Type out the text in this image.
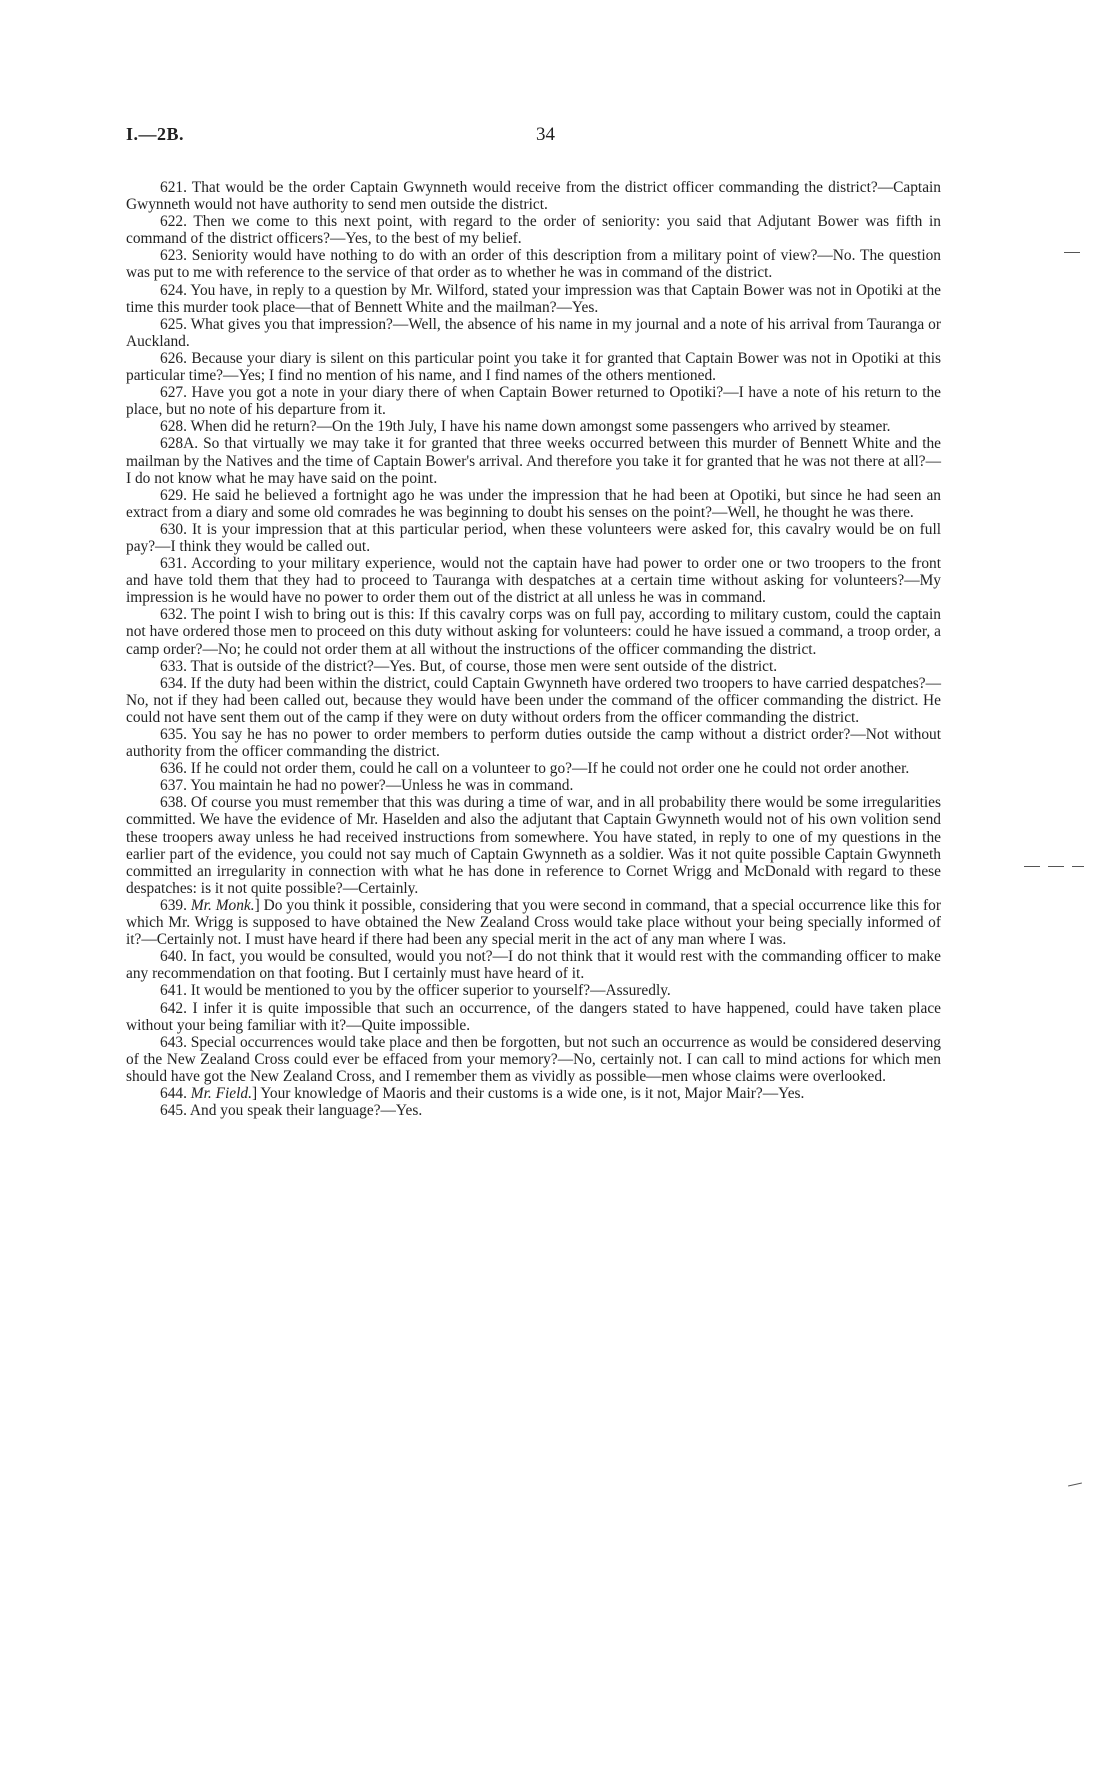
I.—2B.	34

621. That would be the order Captain Gwynneth would receive from the district officer commanding the district?—Captain Gwynneth would not have authority to send men outside the district.

622. Then we come to this next point, with regard to the order of seniority: you said that Adjutant Bower was fifth in command of the district officers?—Yes, to the best of my belief.

623. Seniority would have nothing to do with an order of this description from a military point of view?—No. The question was put to me with reference to the service of that order as to whether he was in command of the district.

624. You have, in reply to a question by Mr. Wilford, stated your impression was that Captain Bower was not in Opotiki at the time this murder took place—that of Bennett White and the mailman?—Yes.

625. What gives you that impression?—Well, the absence of his name in my journal and a note of his arrival from Tauranga or Auckland.

626. Because your diary is silent on this particular point you take it for granted that Captain Bower was not in Opotiki at this particular time?—Yes; I find no mention of his name, and I find names of the others mentioned.

627. Have you got a note in your diary there of when Captain Bower returned to Opotiki?—I have a note of his return to the place, but no note of his departure from it.

628. When did he return?—On the 19th July, I have his name down amongst some passengers who arrived by steamer.

628A. So that virtually we may take it for granted that three weeks occurred between this murder of Bennett White and the mailman by the Natives and the time of Captain Bower's arrival. And therefore you take it for granted that he was not there at all?—I do not know what he may have said on the point.

629. He said he believed a fortnight ago he was under the impression that he had been at Opotiki, but since he had seen an extract from a diary and some old comrades he was beginning to doubt his senses on the point?—Well, he thought he was there.

630. It is your impression that at this particular period, when these volunteers were asked for, this cavalry would be on full pay?—I think they would be called out.

631. According to your military experience, would not the captain have had power to order one or two troopers to the front and have told them that they had to proceed to Tauranga with despatches at a certain time without asking for volunteers?—My impression is he would have no power to order them out of the district at all unless he was in command.

632. The point I wish to bring out is this: If this cavalry corps was on full pay, according to military custom, could the captain not have ordered those men to proceed on this duty without asking for volunteers: could he have issued a command, a troop order, a camp order?—No; he could not order them at all without the instructions of the officer commanding the district.

633. That is outside of the district?—Yes. But, of course, those men were sent outside of the district.

634. If the duty had been within the district, could Captain Gwynneth have ordered two troopers to have carried despatches?—No, not if they had been called out, because they would have been under the command of the officer commanding the district. He could not have sent them out of the camp if they were on duty without orders from the officer commanding the district.

635. You say he has no power to order members to perform duties outside the camp without a district order?—Not without authority from the officer commanding the district.

636. If he could not order them, could he call on a volunteer to go?—If he could not order one he could not order another.

637. You maintain he had no power?—Unless he was in command.

638. Of course you must remember that this was during a time of war, and in all probability there would be some irregularities committed. We have the evidence of Mr. Haselden and also the adjutant that Captain Gwynneth would not of his own volition send these troopers away unless he had received instructions from somewhere. You have stated, in reply to one of my questions in the earlier part of the evidence, you could not say much of Captain Gwynneth as a soldier. Was it not quite possible Captain Gwynneth committed an irregularity in connection with what he has done in reference to Cornet Wrigg and McDonald with regard to these despatches: is it not quite possible?—Certainly.

639. Mr. Monk.] Do you think it possible, considering that you were second in command, that a special occurrence like this for which Mr. Wrigg is supposed to have obtained the New Zealand Cross would take place without your being specially informed of it?—Certainly not. I must have heard if there had been any special merit in the act of any man where I was.

640. In fact, you would be consulted, would you not?—I do not think that it would rest with the commanding officer to make any recommendation on that footing. But I certainly must have heard of it.

641. It would be mentioned to you by the officer superior to yourself?—Assuredly.

642. I infer it is quite impossible that such an occurrence, of the dangers stated to have happened, could have taken place without your being familiar with it?—Quite impossible.

643. Special occurrences would take place and then be forgotten, but not such an occurrence as would be considered deserving of the New Zealand Cross could ever be effaced from your memory?—No, certainly not. I can call to mind actions for which men should have got the New Zealand Cross, and I remember them as vividly as possible—men whose claims were overlooked.

644. Mr. Field.] Your knowledge of Maoris and their customs is a wide one, is it not, Major Mair?—Yes.

645. And you speak their language?—Yes.
